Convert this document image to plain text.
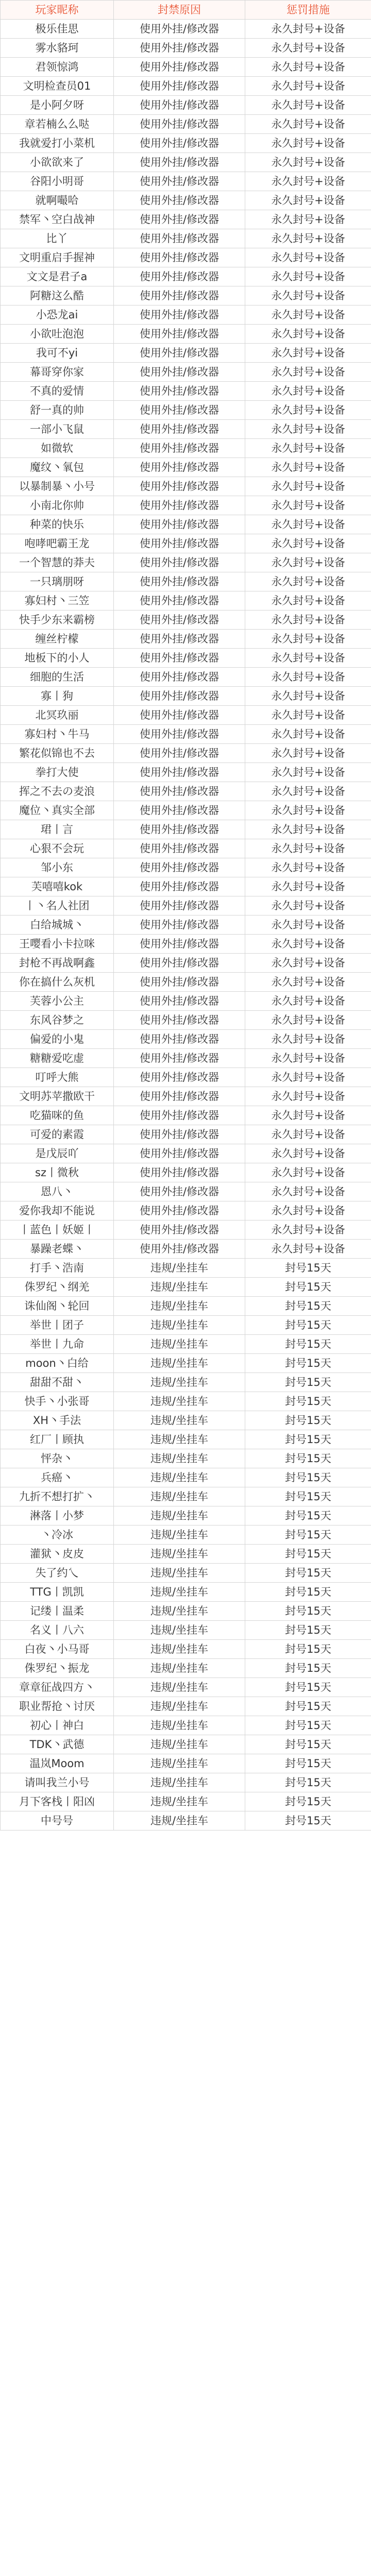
玩家昵称	封禁原因	惩罚措施
极乐佳思	使用外挂/修改器	永久封号+设备
雾水貉珂	使用外挂/修改器	永久封号+设备
君领惊鸿	使用外挂/修改器	永久封号+设备
文明检查员01	使用外挂/修改器	永久封号+设备
是小阿夕呀	使用外挂/修改器	永久封号+设备
章若楠么么哒	使用外挂/修改器	永久封号+设备
我就爱打小菜机	使用外挂/修改器	永久封号+设备
小欲欲来了	使用外挂/修改器	永久封号+设备
谷阳小明哥	使用外挂/修改器	永久封号+设备
就啊嘬哈	使用外挂/修改器	永久封号+设备
禁军丶空白战神	使用外挂/修改器	永久封号+设备
比丫	使用外挂/修改器	永久封号+设备
文明重启手握神	使用外挂/修改器	永久封号+设备
文文是君子a	使用外挂/修改器	永久封号+设备
阿糖这么酷	使用外挂/修改器	永久封号+设备
小恐龙ai	使用外挂/修改器	永久封号+设备
小欲吐泡泡	使用外挂/修改器	永久封号+设备
我可不yi	使用外挂/修改器	永久封号+设备
幕哥穿你家	使用外挂/修改器	永久封号+设备
不真的爱情	使用外挂/修改器	永久封号+设备
舒一真的帅	使用外挂/修改器	永久封号+设备
一部小飞鼠	使用外挂/修改器	永久封号+设备
如微软	使用外挂/修改器	永久封号+设备
魔纹丶氧包	使用外挂/修改器	永久封号+设备
以暴制暴丶小号	使用外挂/修改器	永久封号+设备
小南北你帅	使用外挂/修改器	永久封号+设备
种菜的快乐	使用外挂/修改器	永久封号+设备
咆哮吧霸王龙	使用外挂/修改器	永久封号+设备
一个智慧的莽夫	使用外挂/修改器	永久封号+设备
一只璃朋呀	使用外挂/修改器	永久封号+设备
寡妇村丶三笠	使用外挂/修改器	永久封号+设备
快手少东来霸榜	使用外挂/修改器	永久封号+设备
缠丝柠檬	使用外挂/修改器	永久封号+设备
地板下的小人	使用外挂/修改器	永久封号+设备
细胞的生活	使用外挂/修改器	永久封号+设备
寡丨狗	使用外挂/修改器	永久封号+设备
北冥玖丽	使用外挂/修改器	永久封号+设备
寡妇村丶牛马	使用外挂/修改器	永久封号+设备
繁花似锦也不去	使用外挂/修改器	永久封号+设备
拳打大使	使用外挂/修改器	永久封号+设备
挥之不去の麦浪	使用外挂/修改器	永久封号+设备
魔位丶真实全部	使用外挂/修改器	永久封号+设备
珺丨言	使用外挂/修改器	永久封号+设备
心狠不会玩	使用外挂/修改器	永久封号+设备
邹小东	使用外挂/修改器	永久封号+设备
芙嘻嘻kok	使用外挂/修改器	永久封号+设备
丨丶名人社团	使用外挂/修改器	永久封号+设备
白给城城丶	使用外挂/修改器	永久封号+设备
王嘤看小卡拉咪	使用外挂/修改器	永久封号+设备
封枪不再战啊鑫	使用外挂/修改器	永久封号+设备
你在搞什么灰机	使用外挂/修改器	永久封号+设备
芙蓉小公主	使用外挂/修改器	永久封号+设备
东风谷梦之	使用外挂/修改器	永久封号+设备
偏爱的小鬼	使用外挂/修改器	永久封号+设备
糖糖爱吃虚	使用外挂/修改器	永久封号+设备
叮呼大熊	使用外挂/修改器	永久封号+设备
文明苏苹撒欧干	使用外挂/修改器	永久封号+设备
吃猫咪的鱼	使用外挂/修改器	永久封号+设备
可爱的素霞	使用外挂/修改器	永久封号+设备
是戊辰吖	使用外挂/修改器	永久封号+设备
sz丨微秋	使用外挂/修改器	永久封号+设备
恩八丶	使用外挂/修改器	永久封号+设备
爱你我却不能说	使用外挂/修改器	永久封号+设备
丨蓝色丨妖姬丨	使用外挂/修改器	永久封号+设备
暴躁老蝶丶	使用外挂/修改器	永久封号+设备
打手丶浩南	违规/坐挂车	封号15天
侏罗纪丶纲羌	违规/坐挂车	封号15天
诛仙阁丶轮回	违规/坐挂车	封号15天
举世丨团子	违规/坐挂车	封号15天
举世丨九命	违规/坐挂车	封号15天
moon丶白给	违规/坐挂车	封号15天
甜甜不甜丶	违规/坐挂车	封号15天
快手丶小张哥	违规/坐挂车	封号15天
XH丶手法	违规/坐挂车	封号15天
红厂丨顾执	违规/坐挂车	封号15天
怦杂丶	违规/坐挂车	封号15天
兵癌丶	违规/坐挂车	封号15天
九折不想打扩丶	违规/坐挂车	封号15天
淋落丨小梦	违规/坐挂车	封号15天
丶冷冰	违规/坐挂车	封号15天
灌狱丶皮皮	违规/坐挂车	封号15天
失了约乀	违规/坐挂车	封号15天
TTG丨凯凯	违规/坐挂车	封号15天
记缕丨温柔	违规/坐挂车	封号15天
名义丨八六	违规/坐挂车	封号15天
白夜丶小马哥	违规/坐挂车	封号15天
侏罗纪丶振龙	违规/坐挂车	封号15天
章章征战四方丶	违规/坐挂车	封号15天
职业帮抢丶讨厌	违规/坐挂车	封号15天
初心丨神白	违规/坐挂车	封号15天
TDK丶武德	违规/坐挂车	封号15天
温岚Moom	违规/坐挂车	封号15天
请叫我兰小号	违规/坐挂车	封号15天
月下客栈丨阳凶	违规/坐挂车	封号15天
中号号	违规/坐挂车	封号15天
